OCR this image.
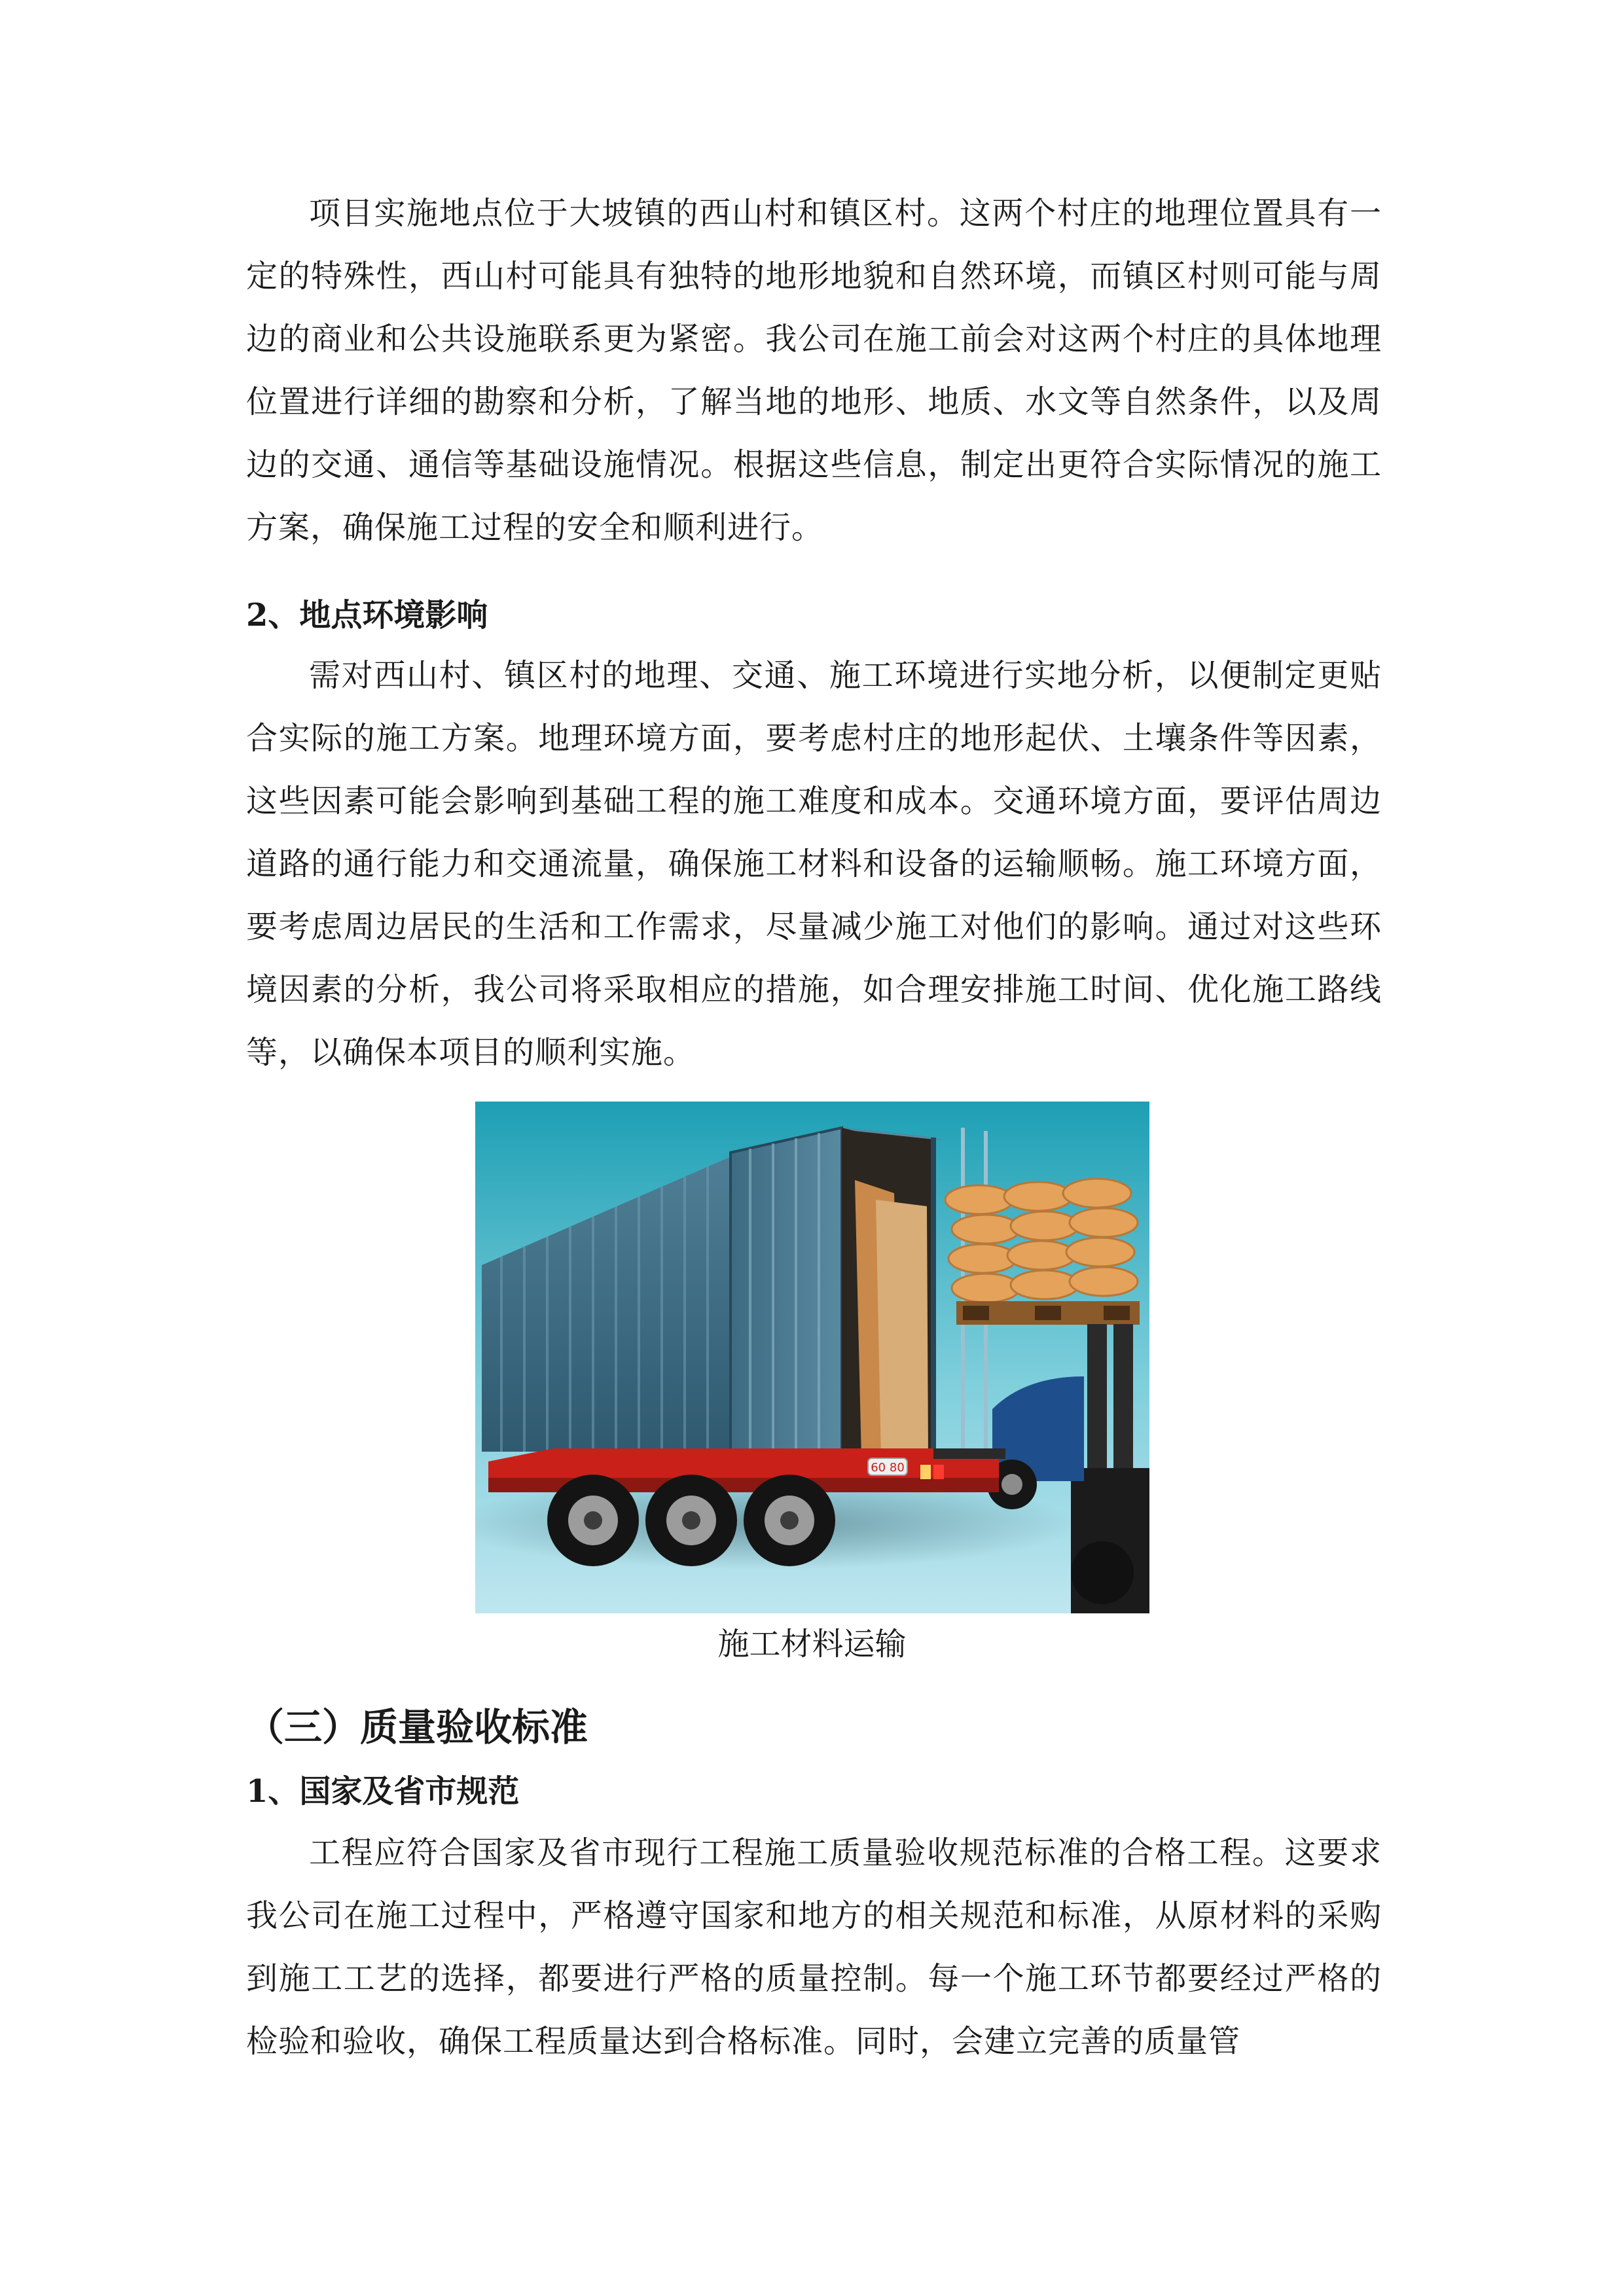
项目实施地点位于大坡镇的西山村和镇区村。这两个村庄的地理位置具有一定的特殊性，西山村可能具有独特的地形地貌和自然环境，而镇区村则可能与周边的商业和公共设施联系更为紧密。我公司在施工前会对这两个村庄的具体地理位置进行详细的勘察和分析，了解当地的地形、地质、水文等自然条件，以及周边的交通、通信等基础设施情况。根据这些信息，制定出更符合实际情况的施工方案，确保施工过程的安全和顺利进行。

2、地点环境影响

需对西山村、镇区村的地理、交通、施工环境进行实地分析，以便制定更贴合实际的施工方案。地理环境方面，要考虑村庄的地形起伏、土壤条件等因素，这些因素可能会影响到基础工程的施工难度和成本。交通环境方面，要评估周边道路的通行能力和交通流量，确保施工材料和设备的运输顺畅。施工环境方面，要考虑周边居民的生活和工作需求，尽量减少施工对他们的影响。通过对这些环境因素的分析，我公司将采取相应的措施，如合理安排施工时间、优化施工路线等，以确保本项目的顺利实施。

60 80

施工材料运输

（三）质量验收标准
1、国家及省市规范

工程应符合国家及省市现行工程施工质量验收规范标准的合格工程。这要求我公司在施工过程中，严格遵守国家和地方的相关规范和标准，从原材料的采购到施工工艺的选择，都要进行严格的质量控制。每一个施工环节都要经过严格的检验和验收，确保工程质量达到合格标准。同时，会建立完善的质量管
